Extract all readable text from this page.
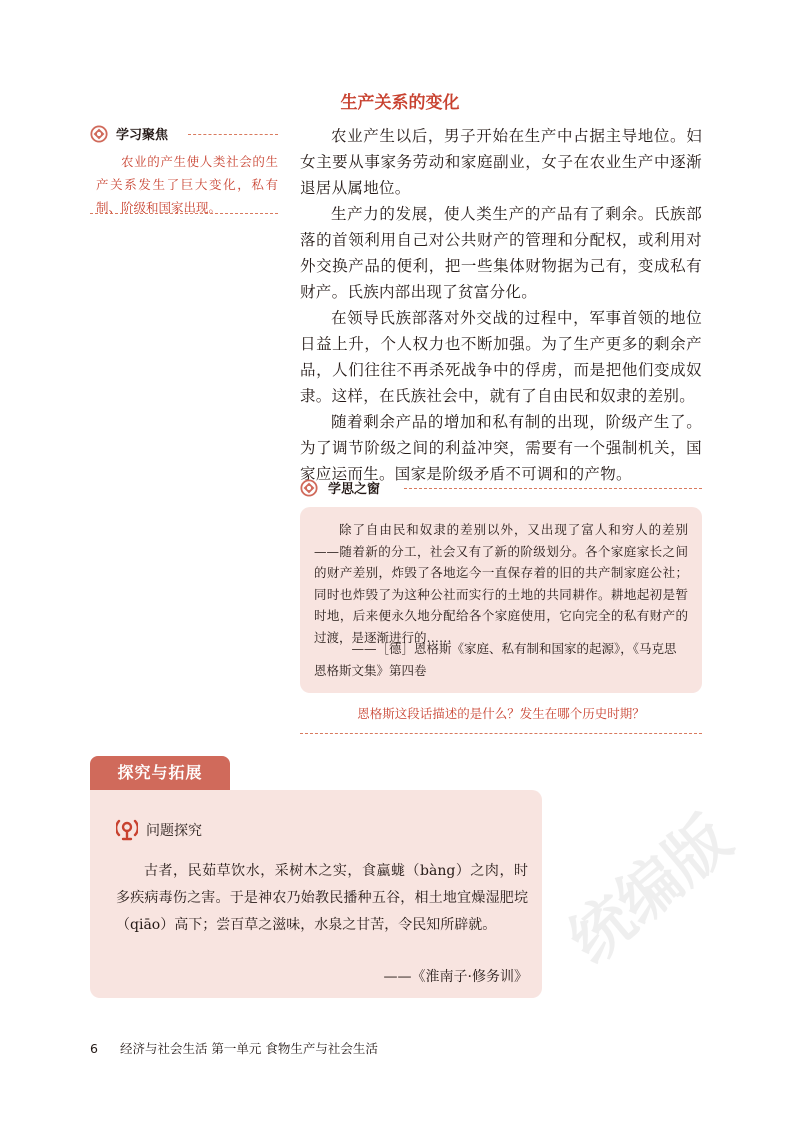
生产关系的变化
学习聚焦
农业的产生使人类社会的生产关系发生了巨大变化，私有制、阶级和国家出现。

农业产生以后，男子开始在生产中占据主导地位。妇女主要从事家务劳动和家庭副业，女子在农业生产中逐渐退居从属地位。

生产力的发展，使人类生产的产品有了剩余。氏族部落的首领利用自己对公共财产的管理和分配权，或利用对外交换产品的便利，把一些集体财物据为己有，变成私有财产。氏族内部出现了贫富分化。

在领导氏族部落对外交战的过程中，军事首领的地位日益上升，个人权力也不断加强。为了生产更多的剩余产品，人们往往不再杀死战争中的俘虏，而是把他们变成奴隶。这样，在氏族社会中，就有了自由民和奴隶的差别。

随着剩余产品的增加和私有制的出现，阶级产生了。为了调节阶级之间的利益冲突，需要有一个强制机关，国家应运而生。国家是阶级矛盾不可调和的产物。

学思之窗
除了自由民和奴隶的差别以外，又出现了富人和穷人的差别——随着新的分工，社会又有了新的阶级划分。各个家庭家长之间的财产差别，炸毁了各地迄今一直保存着的旧的共产制家庭公社；同时也炸毁了为这种公社而实行的土地的共同耕作。耕地起初是暂时地，后来便永久地分配给各个家庭使用，它向完全的私有财产的过渡，是逐渐进行的……
——［德］恩格斯《家庭、私有制和国家的起源》，《马克思恩格斯文集》第四卷
恩格斯这段话描述的是什么？发生在哪个历史时期？
探究与拓展
问题探究
古者，民茹草饮水，采树木之实，食蠃蛖（bàng）之肉，时多疾病毒伤之害。于是神农乃始教民播种五谷，相土地宜燥湿肥垸（qiāo）高下；尝百草之滋味，水泉之甘苦，令民知所辟就。
——《淮南子·修务训》 统编版
6 经济与社会生活 第一单元 食物生产与社会生活
